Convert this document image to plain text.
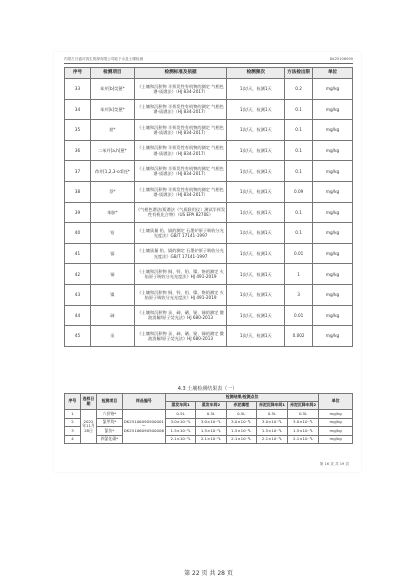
内蒙古日盛可再生资源有限公司地下水及土壤检测	DK25106090
序号	检测项目	检测标准及依据	检测频次	方法检出限	单位
33	苯并[b]荧蒽*	《土壤和沉积物 半挥发性有机物的测定 气相色谱-质谱法》（HJ 834-2017）	1次/天，检测1天	0.2	mg/kg
34	苯并[k]荧蒽*	《土壤和沉积物 半挥发性有机物的测定 气相色谱-质谱法》（HJ 834-2017）	1次/天，检测1天	0.1	mg/kg
35	䓛*	《土壤和沉积物 半挥发性有机物的测定 气相色谱-质谱法》（HJ 834-2017）	1次/天，检测1天	0.1	mg/kg
36	二苯并[a,h]蒽*	《土壤和沉积物 半挥发性有机物的测定 气相色谱-质谱法》（HJ 834-2017）	1次/天，检测1天	0.1	mg/kg
37	茚并[1,2,3-cd]芘*	《土壤和沉积物 半挥发性有机物的测定 气相色谱-质谱法》（HJ 834-2017）	1次/天，检测1天	0.1	mg/kg
38	萘*	《土壤和沉积物 半挥发性有机物的测定 气相色谱-质谱法》（HJ 834-2017）	1次/天，检测1天	0.09	mg/kg
39	苯胺*	《气相色谱法/质谱法（气质联用仪）测试半挥发性有机化合物》（US EPA 8270E）	1次/天，检测1天	0.1	mg/kg
40	铅	《土壤质量 铅、镉的测定 石墨炉原子吸收分光光度法》GB/T 17141-1997	1次/天，检测1天	0.1	mg/kg
41	镉	《土壤质量 铅、镉的测定 石墨炉原子吸收分光光度法》GB/T 17141-1997	1次/天，检测1天	0.01	mg/kg
42	铜	《土壤和沉积物 铜、锌、铅、镍、铬的测定 火焰原子吸收分光光度法》HJ 491-2019	1次/天，检测1天	1	mg/kg
43	镍	《土壤和沉积物 铜、锌、铅、镍、铬的测定 火焰原子吸收分光光度法》HJ 491-2019	1次/天，检测1天	3	mg/kg
44	砷	《土壤和沉积物 汞、砷、硒、铋、锑的测定 微波消解/原子荧光法》HJ 680-2013	1次/天，检测1天	0.01	mg/kg
45	汞	《土壤和沉积物 汞、砷、硒、铋、锑的测定 微波消解/原子荧光法》HJ 680-2013	1次/天，检测1天	0.002	mg/kg
4.3 土壤检测结果表（一）
序号	选样日期	检测项目	样品编号	检测结果/检测点位					单位
				蒸发车间1	蒸发车间2	赤泥填埋	赤泥沉降车间1	赤泥沉降车间2	
1	2022年11月28日	六价铬*	DK25106090500001～DK25106090500006	0.5L	0.5L	0.5L	0.5L	0.5L	mg/kg
2		氯甲烷*		3.0×10⁻³L	3.0×10⁻³L	3.0×10⁻³L	3.0×10⁻³L	3.0×10⁻³L	mg/kg
3		氯仿*		1.5×10⁻³L	1.5×10⁻³L	1.5×10⁻³L	1.5×10⁻³L	1.5×10⁻³L	mg/kg
4		四氯化碳*		2.1×10⁻³L	2.1×10⁻³L	2.1×10⁻³L	2.1×10⁻³L	2.1×10⁻³L	mg/kg
第 16 页 共 19 页
第 22 页 共 28 页
